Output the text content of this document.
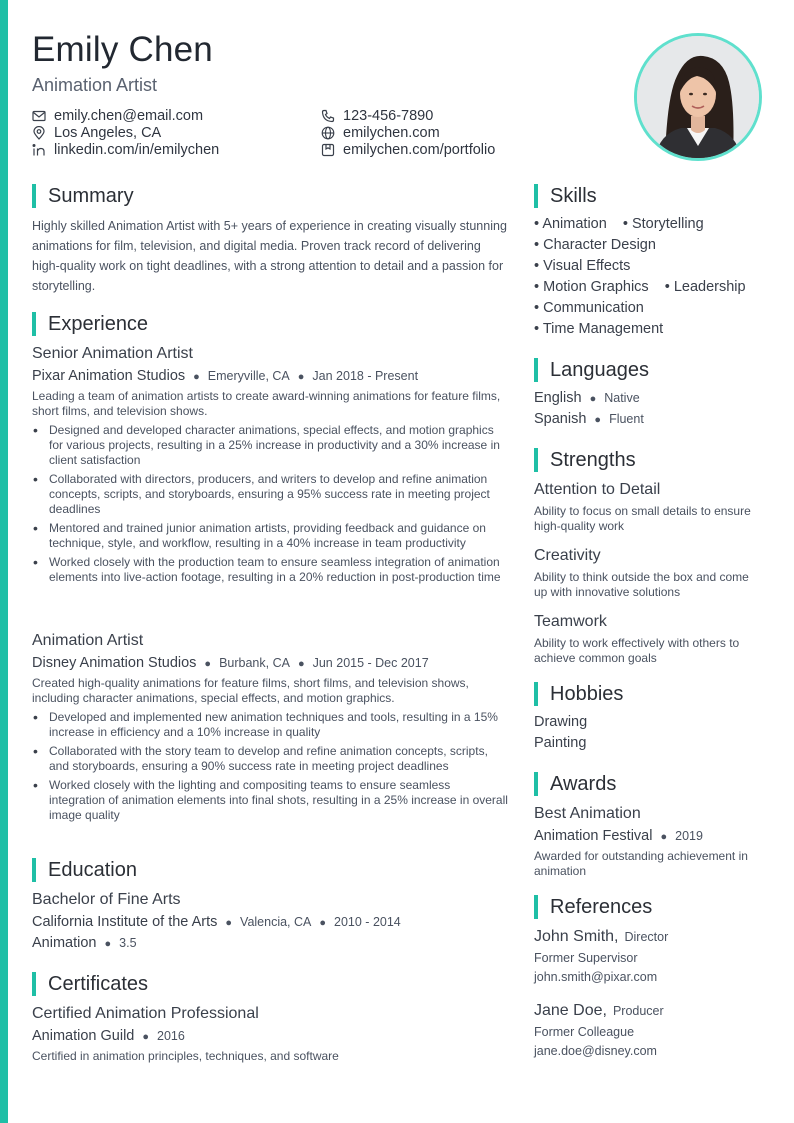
Emily Chen
Animation Artist
emily.chen@email.com	123-456-7890
Los Angeles, CA	emilychen.com
linkedin.com/in/emilychen	emilychen.com/portfolio
Summary
Highly skilled Animation Artist with 5+ years of experience in creating visually stunning animations for film, television, and digital media. Proven track record of delivering high-quality work on tight deadlines, with a strong attention to detail and a passion for storytelling.
Experience
Senior Animation Artist
Pixar Animation Studios ● Emeryville, CA ● Jan 2018 - Present
Leading a team of animation artists to create award-winning animations for feature films, short films, and television shows.
• Designed and developed character animations, special effects, and motion graphics for various projects, resulting in a 25% increase in productivity and a 30% increase in client satisfaction
• Collaborated with directors, producers, and writers to develop and refine animation concepts, scripts, and storyboards, ensuring a 95% success rate in meeting project deadlines
• Mentored and trained junior animation artists, providing feedback and guidance on technique, style, and workflow, resulting in a 40% increase in team productivity
• Worked closely with the production team to ensure seamless integration of animation elements into live-action footage, resulting in a 20% reduction in post-production time
Animation Artist
Disney Animation Studios ● Burbank, CA ● Jun 2015 - Dec 2017
Created high-quality animations for feature films, short films, and television shows, including character animations, special effects, and motion graphics.
• Developed and implemented new animation techniques and tools, resulting in a 15% increase in efficiency and a 10% increase in quality
• Collaborated with the story team to develop and refine animation concepts, scripts, and storyboards, ensuring a 90% success rate in meeting project deadlines
• Worked closely with the lighting and compositing teams to ensure seamless integration of animation elements into final shots, resulting in a 25% increase in overall image quality
Education
Bachelor of Fine Arts
California Institute of the Arts ● Valencia, CA ● 2010 - 2014
Animation ● 3.5
Certificates
Certified Animation Professional
Animation Guild ● 2016
Certified in animation principles, techniques, and software
Skills
• Animation • Storytelling
• Character Design
• Visual Effects
• Motion Graphics • Leadership
• Communication
• Time Management
Languages
English ● Native
Spanish ● Fluent
Strengths
Attention to Detail
Ability to focus on small details to ensure high-quality work
Creativity
Ability to think outside the box and come up with innovative solutions
Teamwork
Ability to work effectively with others to achieve common goals
Hobbies
Drawing
Painting
Awards
Best Animation
Animation Festival ● 2019
Awarded for outstanding achievement in animation
References
John Smith, Director
Former Supervisor
john.smith@pixar.com
Jane Doe, Producer
Former Colleague
jane.doe@disney.com
